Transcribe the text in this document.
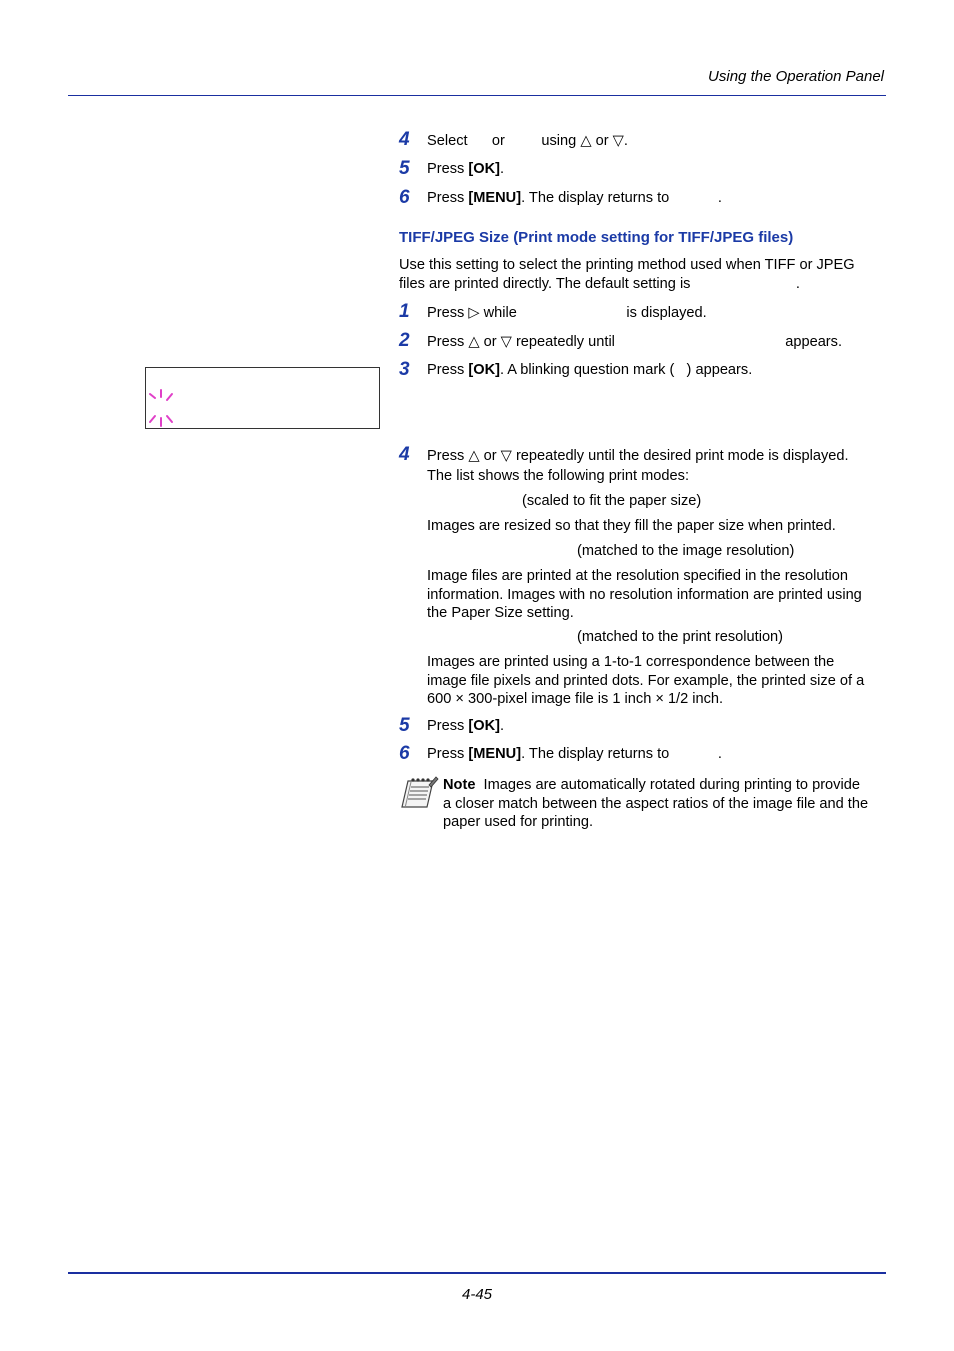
Using the Operation Panel
4	Select      or         using △ or ▽.
5	Press [OK].
6	Press [MENU]. The display returns to            .
TIFF/JPEG Size (Print mode setting for TIFF/JPEG files)

Use this setting to select the printing method used when TIFF or JPEG

files are printed directly. The default setting is                          .

1	Press ▷ while                           is displayed.
2	Press △ or ▽ repeatedly until                                          appears.
3	Press [OK]. A blinking question mark (   ) appears.
4	Press △ or ▽ repeatedly until the desired print mode is displayed.
The list shows the following print modes:
(scaled to fit the paper size)

Images are resized so that they fill the paper size when printed.

(matched to the image resolution)

Image files are printed at the resolution specified in the resolution

information. Images with no resolution information are printed using

the Paper Size setting.

(matched to the print resolution)

Images are printed using a 1-to-1 correspondence between the

image file pixels and printed dots. For example, the printed size of a

600 × 300-pixel image file is 1 inch × 1/2 inch.

5	Press [OK].
6	Press [MENU]. The display returns to            .

Note Images are automatically rotated during printing to provide

a closer match between the aspect ratios of the image file and the

paper used for printing.

4-45
